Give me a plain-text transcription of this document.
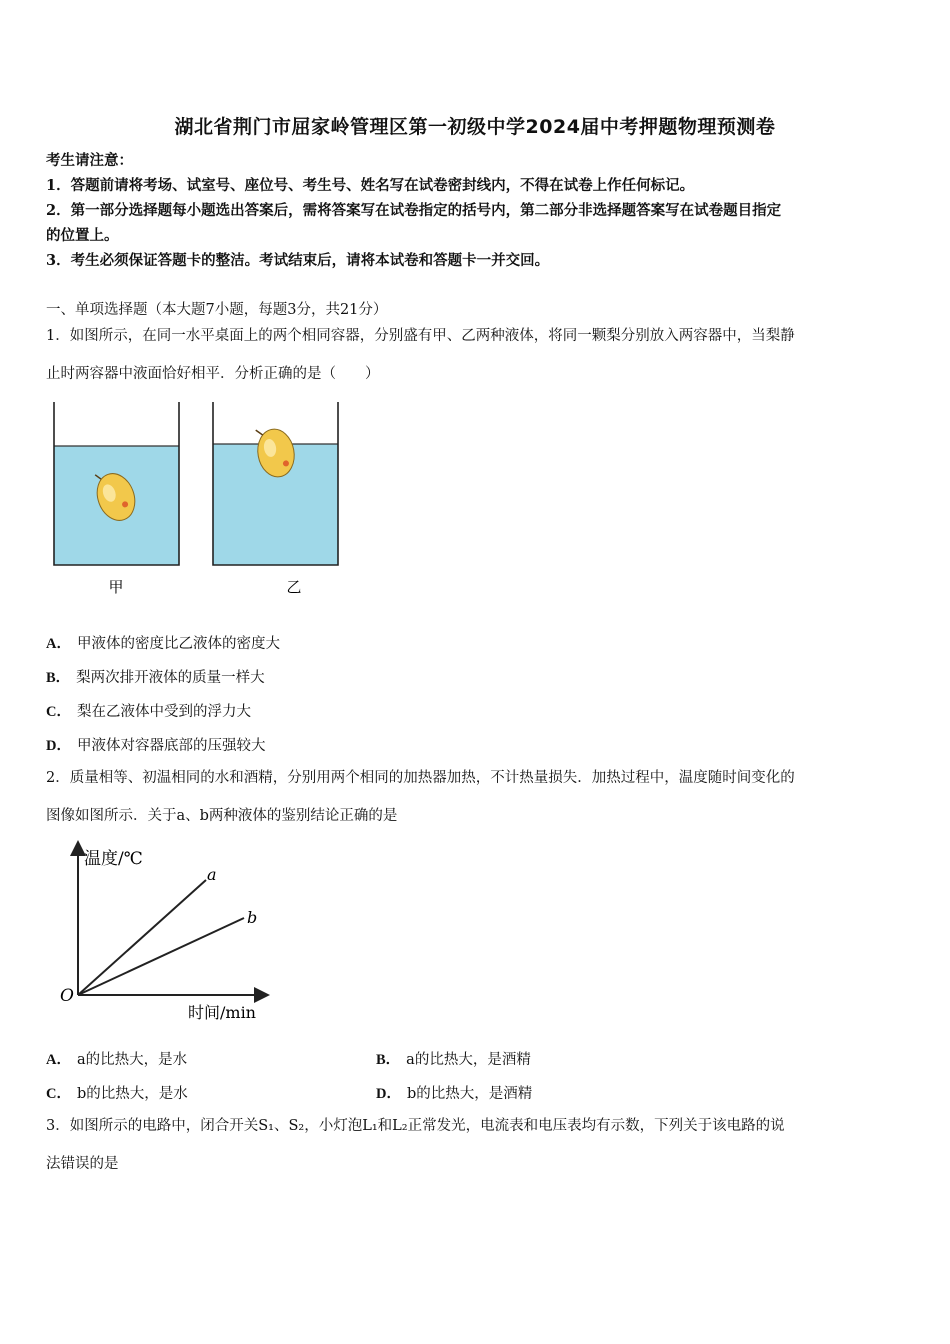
湖北省荆门市屈家岭管理区第一初级中学2024届中考押题物理预测卷
考生请注意：
1．答题前请将考场、试室号、座位号、考生号、姓名写在试卷密封线内，不得在试卷上作任何标记。
2．第一部分选择题每小题选出答案后，需将答案写在试卷指定的括号内，第二部分非选择题答案写在试卷题目指定
的位置上。
3．考生必须保证答题卡的整洁。考试结束后，请将本试卷和答题卡一并交回。
一、单项选择题（本大题7小题，每题3分，共21分）
1．如图所示，在同一水平桌面上的两个相同容器，分别盛有甲、乙两种液体，将同一颗梨分别放入两容器中，当梨静
止时两容器中液面恰好相平．分析正确的是（　　）
甲	乙
A． 甲液体的密度比乙液体的密度大
B． 梨两次排开液体的质量一样大
C． 梨在乙液体中受到的浮力大
D． 甲液体对容器底部的压强较大
2．质量相等、初温相同的水和酒精，分别用两个相同的加热器加热，不计热量损失．加热过程中，温度随时间变化的
图像如图所示．关于a、b两种液体的鉴别结论正确的是
温度/℃
时间/min
O
a
b
A． a的比热大，是水	B． a的比热大，是酒精
C． b的比热大，是水	D． b的比热大，是酒精
3．如图所示的电路中，闭合开关S₁、S₂，小灯泡L₁和L₂正常发光，电流表和电压表均有示数，下列关于该电路的说
法错误的是
